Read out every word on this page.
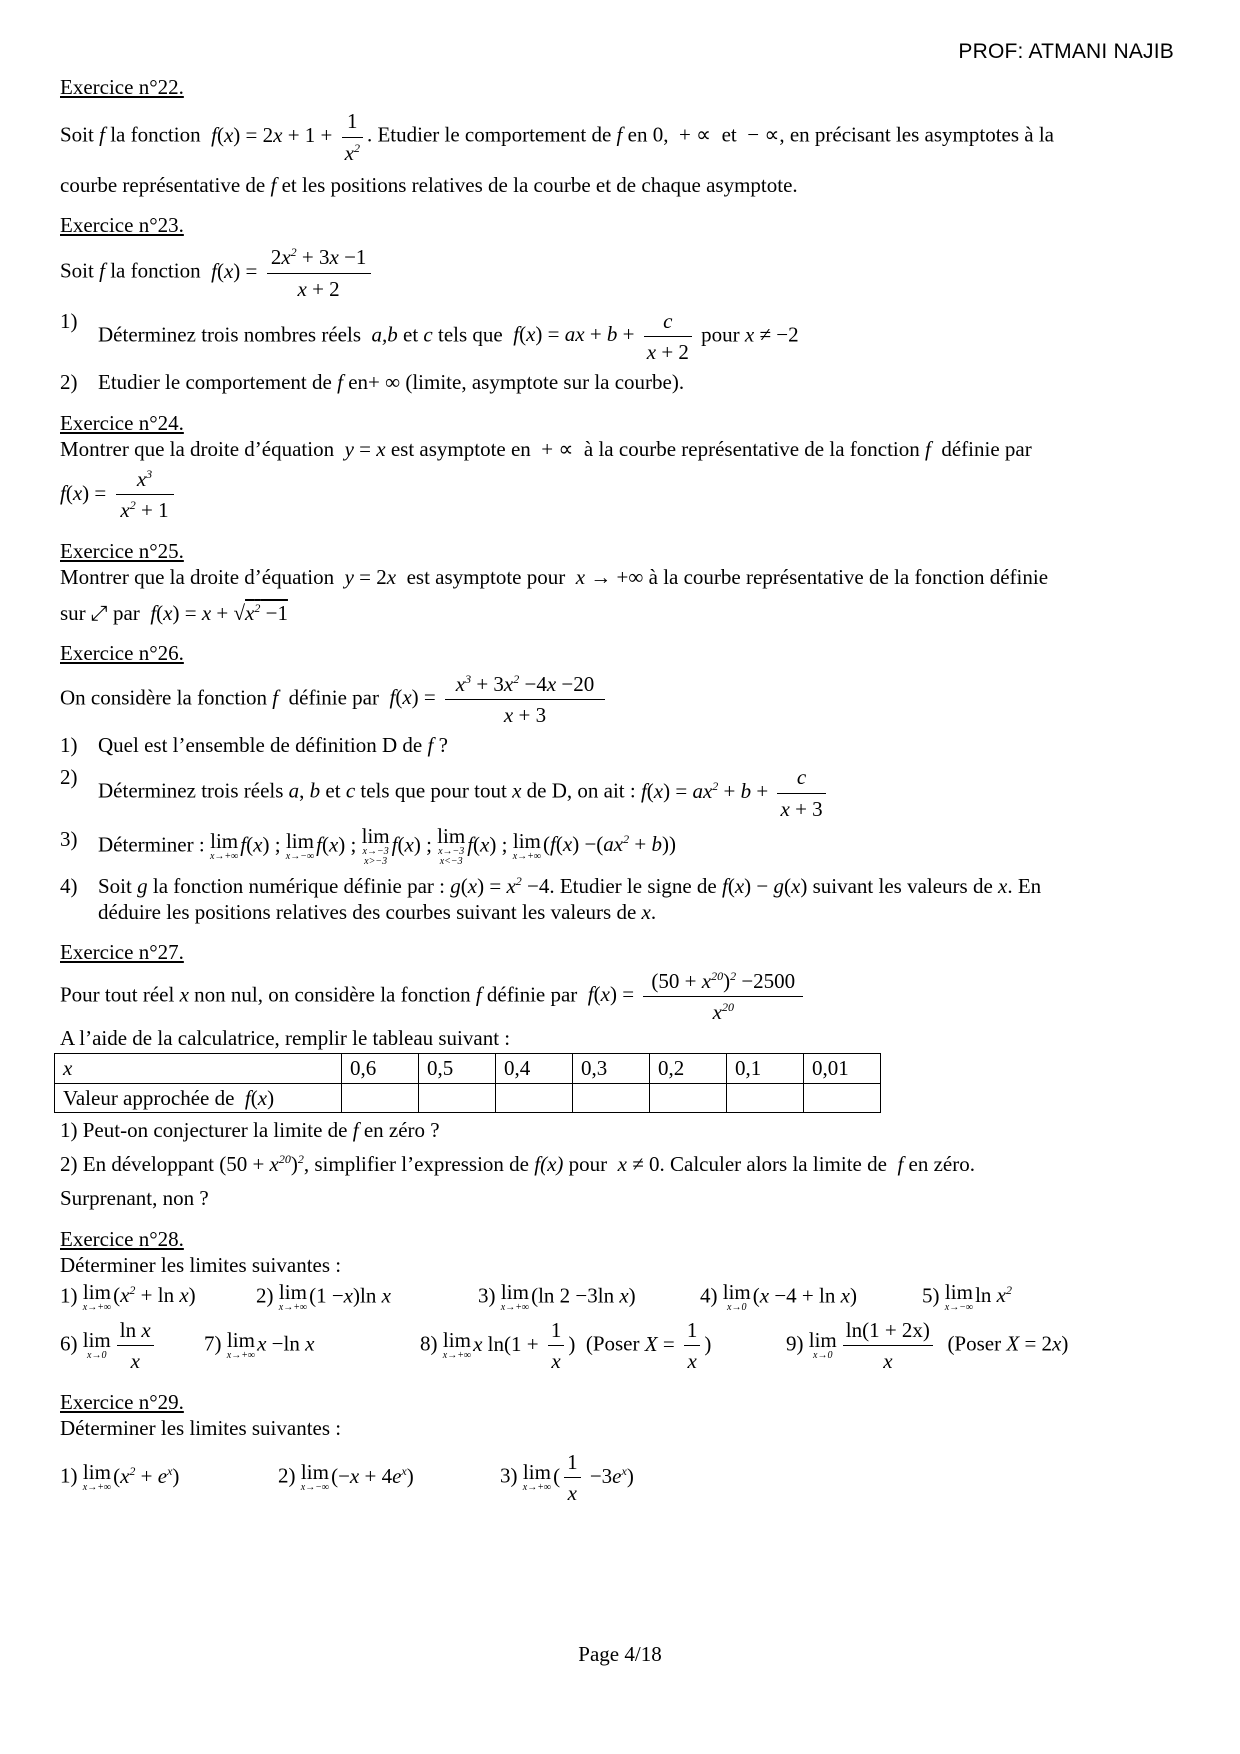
PROF: ATMANI NAJIB

Exercice n°22.

Soit f la fonction  $f(x) = 2x + 1 + \frac{1}{x^2}$ . Etudier le comportement de f en 0,  + ∝  et  − ∝, en précisant les asymptotes à la

courbe représentative de f et les positions relatives de la courbe et de chaque asymptote.

Exercice n°23.

Soit f la fonction  $f(x) = \frac{2x^2 + 3x -1}{x + 2}$

1)
Déterminez trois nombres réels a,b et c tels que  f(x) = ax + $b + \frac{c}{x + 2}$ pour x ≠ −2
2) Etudier le comportement de f en+ ∞ (limite, asymptote sur la courbe).

Exercice n°24.

Montrer que la droite d’équation y = x est asymptote en  + ∝  à la courbe représentative de la fonction f définie par

$f(x) = \frac{x^3}{x^2 + 1}$

Exercice n°25.

Montrer que la droite d’équation y = 2x est asymptote pour x → +∞ à la courbe représentative de la fonction définie

sur ⤢ par  $f(x) = x + √x^2 -1$

Exercice n°26.

On considère la fonction f définie par  $f(x) = \frac{x^3 + 3x^2 -4x -20}{x + 3}$

1) Quel est l’ensemble de définition D de f ?
2)
Déterminez trois réels a, b et c tels que pour tout x de D, on ait : $f(x) = ax^2 + b + \frac{c}{x + 3}$
3) Déterminer : lim
x→+∞
f(x) ; lim
x→−∞
f(x) ; lim
x→−3
x>−3
f(x) ; lim
x→−3
x<−3
f(x) ; lim
x→+∞
$(f(x) -(ax^2 + b))$
4) Soit g la fonction numérique définie par : $g(x) = x^2 -4$. Etudier le signe de f(x) − g(x) suivant les valeurs de x. En
déduire les positions relatives des courbes suivant les valeurs de x.

Exercice n°27.

Pour tout réel x non nul, on considère la fonction f définie par  $f(x) = \frac{(50 + x^{20})^2 -2500}{x^{20}}$

A l’aide de la calculatrice, remplir le tableau suivant :

x	0,6	0,5	0,4	0,3	0,2	0,1	0,01
Valeur approchée de  f(x)							

1) Peut-on conjecturer la limite de f en zéro ?

2) En développant $(50 + x^{20})^2$, simplifier l’expression de f(x) pour x ≠ 0. Calculer alors la limite de f en zéro.

Surprenant, non ?

Exercice n°28.

Déterminer les limites suivantes :

1) lim
x→+∞
$(x^2 + \ln x)$	2) lim
x→+∞
(1 −x)ln x	3) lim
x→+∞
(ln 2 −3ln x)	4) lim
x→0
(x −4 + ln x)	5) lim
x→−∞
$\ln x^2$
6) lim
$x\to 0 \frac{\text{ln x}}{x} 7$) lim
x→+∞
x −ln x	8) lim
x→+∞
x $\ln(1 + \frac{1}{x}$ ) (Poser $X = \frac{1}{x}$ )	9) lim
$x\to 0 \frac{\ln(1 + 2x)}{x}$ (Poser X = 2x)

Exercice n°29.

Déterminer les limites suivantes :

1) lim
x→+∞
$(x^2 + e^x)$	2) lim
x→−∞
$(-x + 4e^x)$	3) lim
x→+∞
( $\frac{1}{x} -3e^x$)
Page 4/18
